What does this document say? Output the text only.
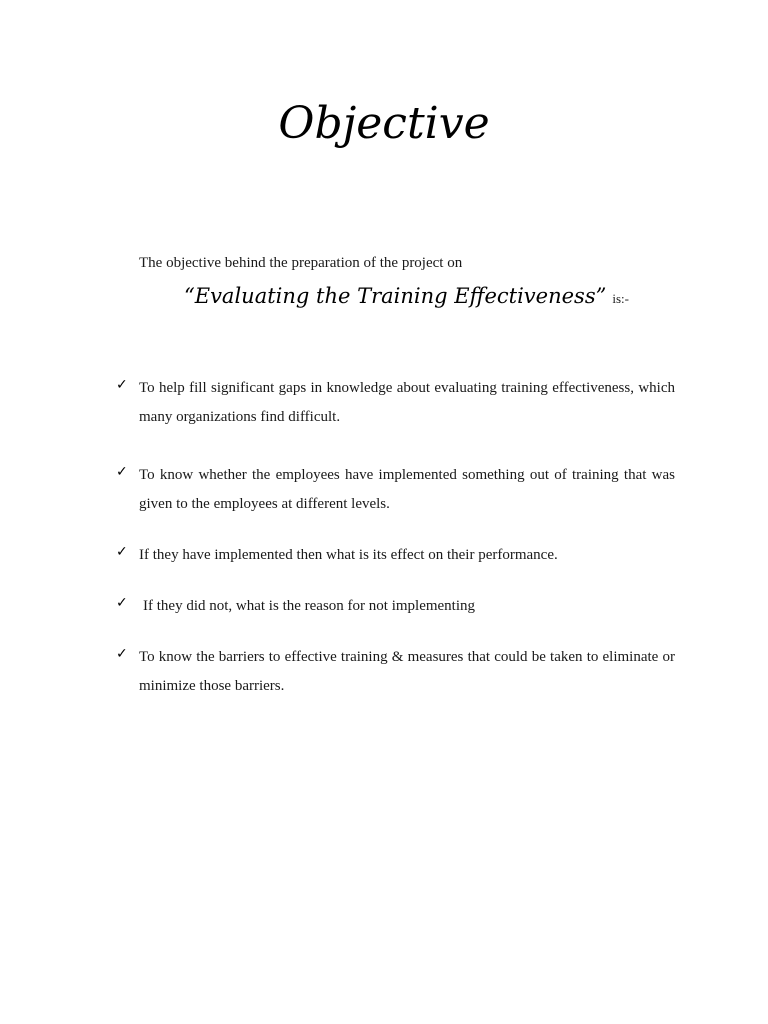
Objective
The objective behind the preparation of the project on
“Evaluating the Training Effectiveness” is:-
✓ To help fill significant gaps in knowledge about evaluating training effectiveness, which many organizations find difficult.
✓ To know whether the employees have implemented something out of training that was given to the employees at different levels.
✓ If they have implemented then what is its effect on their performance.
✓ If they did not, what is the reason for not implementing
✓ To know the barriers to effective training & measures that could be taken to eliminate or minimize those barriers.
